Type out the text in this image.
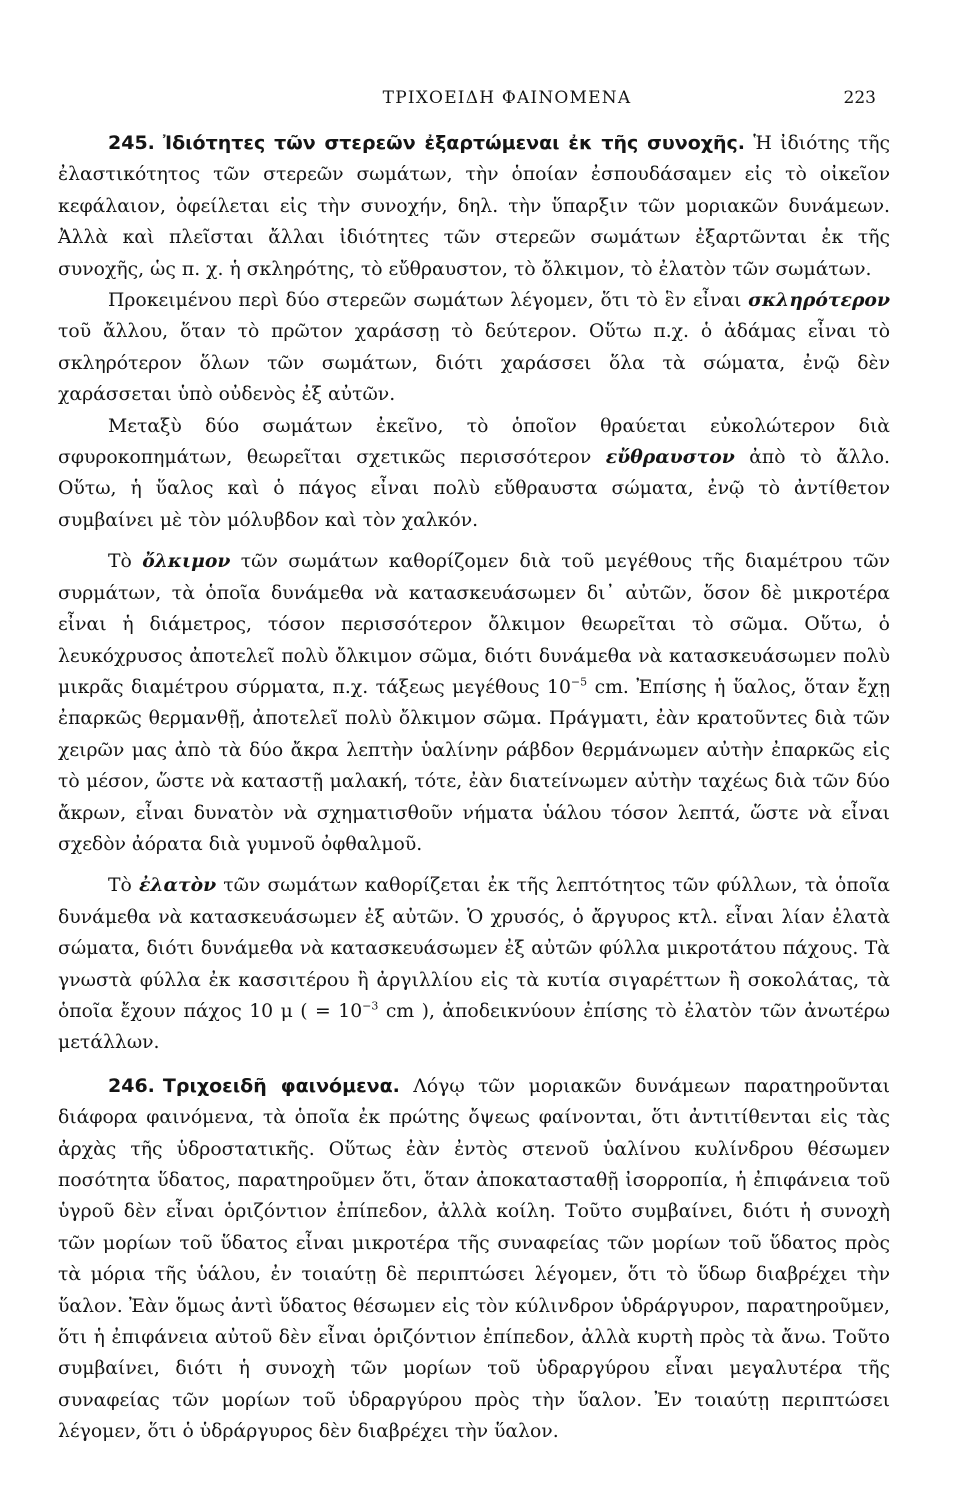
ΤΡΙΧΟΕΙΔΗ ΦΑΙΝΟΜΕΝΑ	223

245. Ἰδιότητες τῶν στερεῶν ἐξαρτώμεναι ἐκ τῆς συνοχῆς. Ἡ ἰδιότης τῆς ἐλαστικότητος τῶν στερεῶν σωμάτων, τὴν ὁποίαν ἐσπουδάσαμεν εἰς τὸ οἰκεῖον κεφάλαιον, ὀφείλεται εἰς τὴν συνοχήν, δηλ. τὴν ὕπαρξιν τῶν μοριακῶν δυνάμεων. Ἀλλὰ καὶ πλεῖσται ἄλλαι ἰδιότητες τῶν στερεῶν σωμάτων ἐξαρτῶνται ἐκ τῆς συνοχῆς, ὡς π. χ. ἡ σκληρότης, τὸ εὔθραυστον, τὸ ὄλκιμον, τὸ ἐλατὸν τῶν σωμάτων.

Προκειμένου περὶ δύο στερεῶν σωμάτων λέγομεν, ὅτι τὸ ἓν εἶναι σκληρότερον τοῦ ἄλλου, ὅταν τὸ πρῶτον χαράσσῃ τὸ δεύτερον. Οὕτω π.χ. ὁ ἀδάμας εἶναι τὸ σκληρότερον ὅλων τῶν σωμάτων, διότι χαράσσει ὅλα τὰ σώματα, ἐνῷ δὲν χαράσσεται ὑπὸ οὐδενὸς ἐξ αὐτῶν.

Μεταξὺ δύο σωμάτων ἐκεῖνο, τὸ ὁποῖον θραύεται εὐκολώτερον διὰ σφυροκοπημάτων, θεωρεῖται σχετικῶς περισσότερον εὔθραυστον ἀπὸ τὸ ἄλλο. Οὕτω, ἡ ὕαλος καὶ ὁ πάγος εἶναι πολὺ εὔθραυστα σώματα, ἐνῷ τὸ ἀντίθετον συμβαίνει μὲ τὸν μόλυβδον καὶ τὸν χαλκόν.

Τὸ ὄλκιμον τῶν σωμάτων καθορίζομεν διὰ τοῦ μεγέθους τῆς διαμέτρου τῶν συρμάτων, τὰ ὁποῖα δυνάμεθα νὰ κατασκευάσωμεν δι᾿ αὐτῶν, ὅσον δὲ μικροτέρα εἶναι ἡ διάμετρος, τόσον περισσότερον ὄλκιμον θεωρεῖται τὸ σῶμα. Οὕτω, ὁ λευκόχρυσος ἀποτελεῖ πολὺ ὄλκιμον σῶμα, διότι δυνάμεθα νὰ κατασκευάσωμεν πολὺ μικρᾶς διαμέτρου σύρματα, π.χ. τάξεως μεγέθους $10^{-5}$ cm. Ἐπίσης ἡ ὕαλος, ὅταν ἔχῃ ἐπαρκῶς θερμανθῇ, ἀποτελεῖ πολὺ ὄλκιμον σῶμα. Πράγματι, ἐὰν κρατοῦντες διὰ τῶν χειρῶν μας ἀπὸ τὰ δύο ἄκρα λεπτὴν ὑαλίνην ράβδον θερμάνωμεν αὐτὴν ἐπαρκῶς εἰς τὸ μέσον, ὥστε νὰ καταστῇ μαλακή, τότε, ἐὰν διατείνωμεν αὐτὴν ταχέως διὰ τῶν δύο ἄκρων, εἶναι δυνατὸν νὰ σχηματισθοῦν νήματα ὑάλου τόσον λεπτά, ὥστε νὰ εἶναι σχεδὸν ἀόρατα διὰ γυμνοῦ ὀφθαλμοῦ.

Τὸ ἐλατὸν τῶν σωμάτων καθορίζεται ἐκ τῆς λεπτότητος τῶν φύλλων, τὰ ὁποῖα δυνάμεθα νὰ κατασκευάσωμεν ἐξ αὐτῶν. Ὁ χρυσός, ὁ ἄργυρος κτλ. εἶναι λίαν ἐλατὰ σώματα, διότι δυνάμεθα νὰ κατασκευάσωμεν ἐξ αὐτῶν φύλλα μικροτάτου πάχους. Τὰ γνωστὰ φύλλα ἐκ κασσιτέρου ἢ ἀργιλλίου εἰς τὰ κυτία σιγαρέττων ἢ σοκολάτας, τὰ ὁποῖα ἔχουν πάχος 10 μ ( = $10^{-3}$ cm ), ἀποδεικνύουν ἐπίσης τὸ ἐλατὸν τῶν ἀνωτέρω μετάλλων.

246. Τριχοειδῆ φαινόμενα. Λόγῳ τῶν μοριακῶν δυνάμεων παρατηροῦνται διάφορα φαινόμενα, τὰ ὁποῖα ἐκ πρώτης ὄψεως φαίνονται, ὅτι ἀντιτίθενται εἰς τὰς ἀρχὰς τῆς ὑδροστατικῆς. Οὕτως ἐὰν ἐντὸς στενοῦ ὑαλίνου κυλίνδρου θέσωμεν ποσότητα ὕδατος, παρατηροῦμεν ὅτι, ὅταν ἀποκατασταθῇ ἰσορροπία, ἡ ἐπιφάνεια τοῦ ὑγροῦ δὲν εἶναι ὁριζόντιον ἐπίπεδον, ἀλλὰ κοίλη. Τοῦτο συμβαίνει, διότι ἡ συνοχὴ τῶν μορίων τοῦ ὕδατος εἶναι μικροτέρα τῆς συναφείας τῶν μορίων τοῦ ὕδατος πρὸς τὰ μόρια τῆς ὑάλου, ἐν τοιαύτῃ δὲ περιπτώσει λέγομεν, ὅτι τὸ ὕδωρ διαβρέχει τὴν ὕαλον. Ἐὰν ὅμως ἀντὶ ὕδατος θέσωμεν εἰς τὸν κύλινδρον ὑδράργυρον, παρατηροῦμεν, ὅτι ἡ ἐπιφάνεια αὐτοῦ δὲν εἶναι ὁριζόντιον ἐπίπεδον, ἀλλὰ κυρτὴ πρὸς τὰ ἄνω. Τοῦτο συμβαίνει, διότι ἡ συνοχὴ τῶν μορίων τοῦ ὑδραργύρου εἶναι μεγαλυτέρα τῆς συναφείας τῶν μορίων τοῦ ὑδραργύρου πρὸς τὴν ὕαλον. Ἐν τοιαύτῃ περιπτώσει λέγομεν, ὅτι ὁ ὑδράργυρος δὲν διαβρέχει τὴν ὕαλον.
